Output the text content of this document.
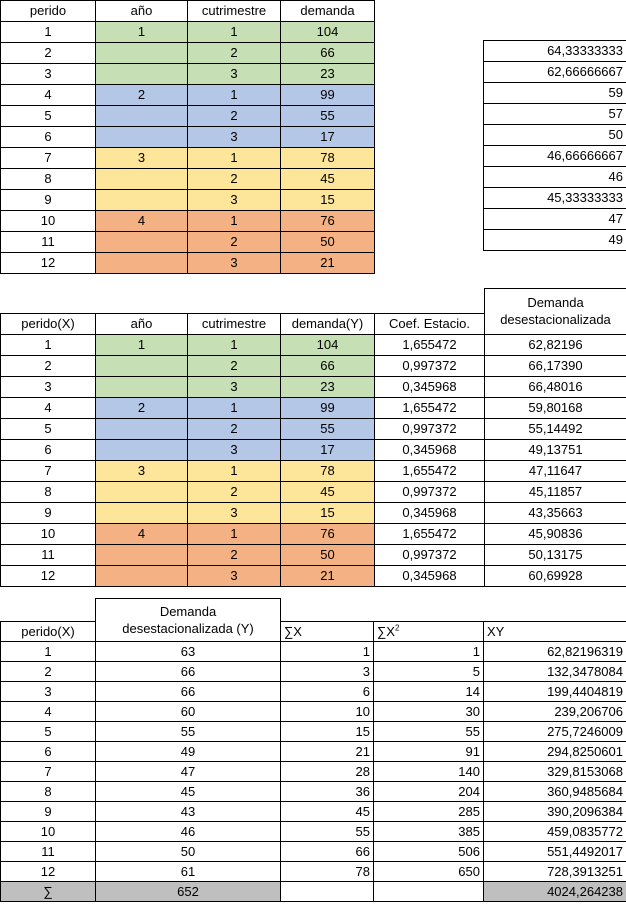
perido	año	cutrimestre	demanda
1	1	1	104
2		2	66
3		3	23
4	2	1	99
5		2	55
6		3	17
7	3	1	78
8		2	45
9		3	15
10	4	1	76
11		2	50
12		3	21
64,33333333
62,66666667
59
57
50
46,66666667
46
45,33333333
47
49

					Demanda
desestacionalizada

perido(X)	año	cutrimestre	demanda(Y)	Coef. Estacio.	
1	1	1	104	1,655472	62,82196
2		2	66	0,997372	66,17390
3		3	23	0,345968	66,48016
4	2	1	99	1,655472	59,80168
5		2	55	0,997372	55,14492
6		3	17	0,345968	49,13751
7	3	1	78	1,655472	47,11647
8		2	45	0,997372	45,11857
9		3	15	0,345968	43,35663
10	4	1	76	1,655472	45,90836
11		2	50	0,997372	50,13175
12		3	21	0,345968	60,69928

	Demanda
desestacionalizada (Y)			

perido(X)		∑X	$\sum X^2$	XY
1	63	1	1	62,82196319
2	66	3	5	132,3478084
3	66	6	14	199,4404819
4	60	10	30	239,206706
5	55	15	55	275,7246009
6	49	21	91	294,8250601
7	47	28	140	329,8153068
8	45	36	204	360,9485684
9	43	45	285	390,2096384
10	46	55	385	459,0835772
11	50	66	506	551,4492017
12	61	78	650	728,3913251
∑	652			4024,264238
